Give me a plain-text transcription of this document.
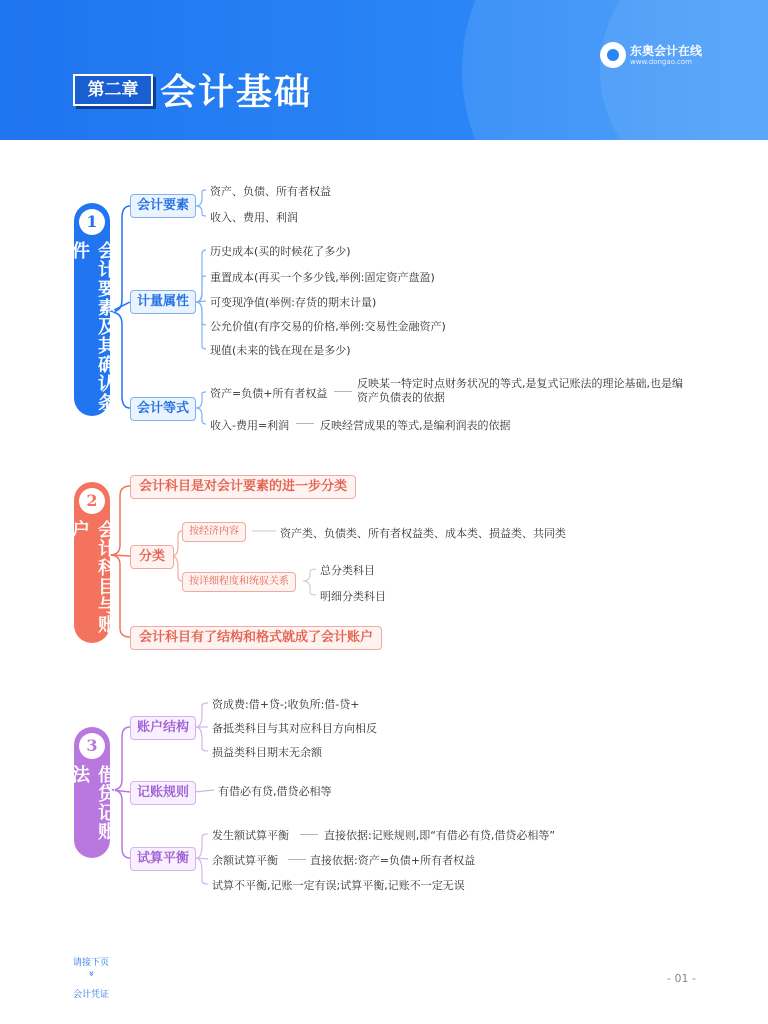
第二章 会计基础
东奥会计在线
www.dongao.com
1
会计要素及其确认条件
会计要素
资产、负债、所有者权益
收入、费用、利润
计量属性
历史成本(买的时候花了多少)
重置成本(再买一个多少钱,举例:固定资产盘盈)
可变现净值(举例:存货的期末计量)
公允价值(有序交易的价格,举例:交易性金融资产)
现值(未来的钱在现在是多少)
会计等式
资产=负债+所有者权益
反映某一特定时点财务状况的等式,是复式记账法的理论基础,也是编资产负债表的依据
收入-费用=利润	反映经营成果的等式,是编利润表的依据
2
会计科目与账户
会计科目是对会计要素的进一步分类
分类
按经济内容	资产类、负债类、所有者权益类、成本类、损益类、共同类
按详细程度和统驭关系
总分类科目
明细分类科目
会计科目有了结构和格式就成了会计账户
3
借贷记账法
账户结构
资成费:借+贷-;收负所:借-贷+
备抵类科目与其对应科目方向相反
损益类科目期末无余额
记账规则	有借必有贷,借贷必相等
试算平衡
发生额试算平衡	直接依据:记账规则,即“有借必有贷,借贷必相等”
余额试算平衡	直接依据:资产=负债+所有者权益
试算不平衡,记账一定有误;试算平衡,记账不一定无误
请接下页
»
会计凭证
- 01 -
